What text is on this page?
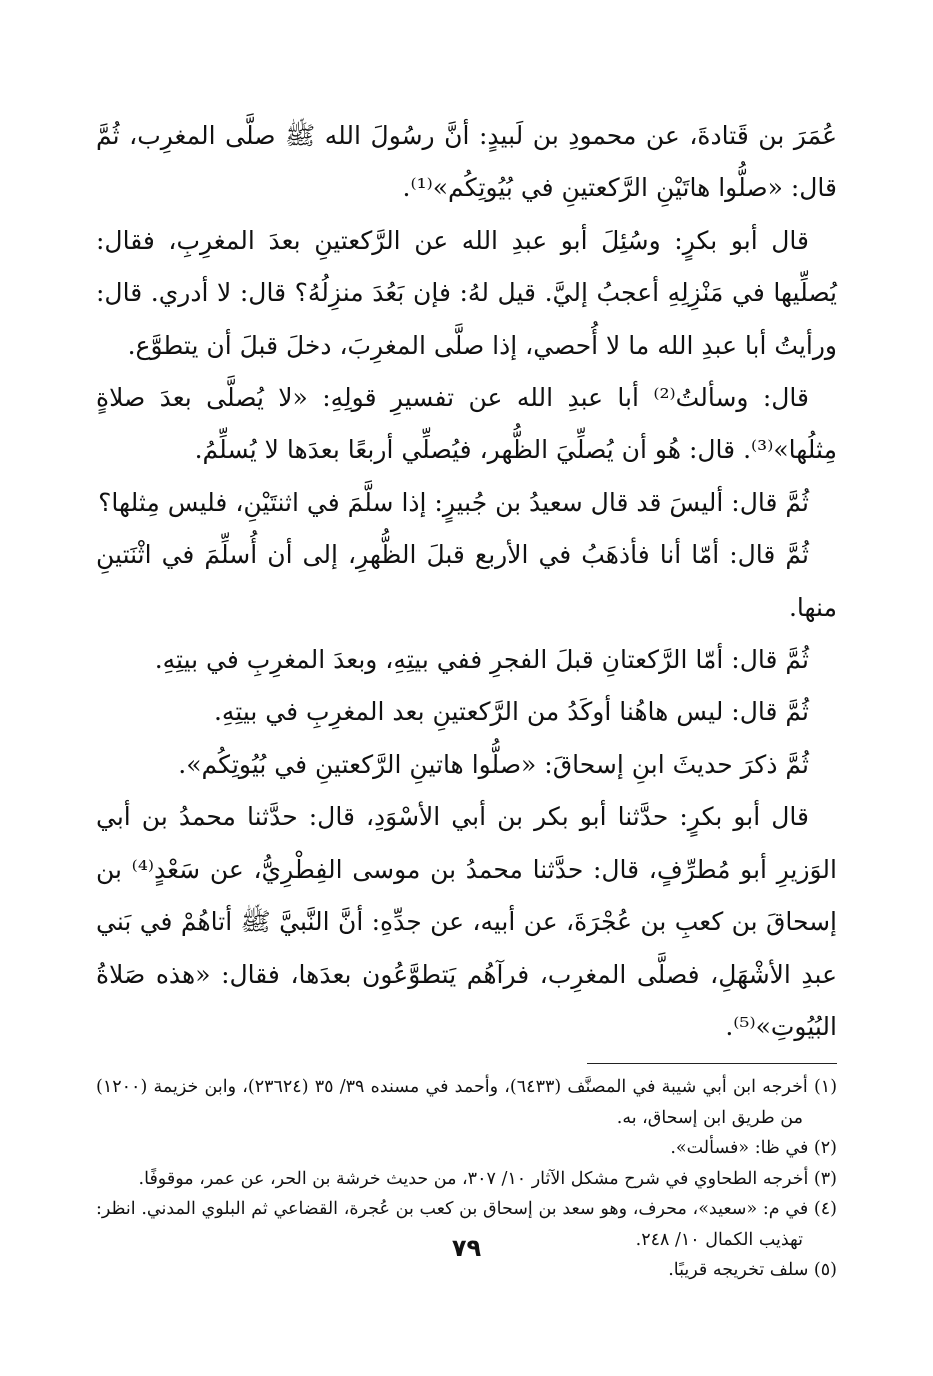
عُمَرَ بن قَتادةَ، عن محمودِ بن لَبيدٍ: أنَّ رسُولَ الله ﷺ صلَّى المغرِب، ثُمَّ قال: «صلُّوا هاتَيْنِ الرَّكعتينِ في بُيُوتِكُم»⁽¹⁾.

قال أبو بكرٍ: وسُئِلَ أبو عبدِ الله عن الرَّكعتينِ بعدَ المغرِبِ، فقال: يُصلِّيها في مَنْزِلِهِ أعجبُ إليَّ. قيل لهُ: فإن بَعُدَ منزِلُهُ؟ قال: لا أدري. قال: ورأيتُ أبا عبدِ الله ما لا أُحصي، إذا صلَّى المغرِبَ، دخلَ قبلَ أن يتطوَّع.

قال: وسألتُ⁽²⁾ أبا عبدِ الله عن تفسيرِ قولِهِ: «لا يُصلَّى بعدَ صلاةٍ مِثلُها»⁽³⁾. قال: هُو أن يُصلِّيَ الظُّهر، فيُصلِّي أربعًا بعدَها لا يُسلِّمُ.

ثُمَّ قال: أليسَ قد قال سعيدُ بن جُبيرٍ: إذا سلَّمَ في اثنتَيْنِ، فليس مِثلها؟

ثُمَّ قال: أمّا أنا فأذهَبُ في الأربع قبلَ الظُّهرِ، إلى أن أُسلِّمَ في اثْنَتينِ منها.

ثُمَّ قال: أمّا الرَّكعتانِ قبلَ الفجرِ ففي بيتِهِ، وبعدَ المغرِبِ في بيتِهِ.

ثُمَّ قال: ليس هاهُنا أوكَدُ من الرَّكعتينِ بعد المغرِبِ في بيتِهِ.

ثُمَّ ذكرَ حديثَ ابنِ إسحاقَ: «صلُّوا هاتينِ الرَّكعتينِ في بُيُوتِكُم».

قال أبو بكرٍ: حدَّثنا أبو بكر بن أبي الأسْوَدِ، قال: حدَّثنا محمدُ بن أبي الوَزيرِ أبو مُطرِّفٍ، قال: حدَّثنا محمدُ بن موسى الفِطْرِيُّ، عن سَعْدٍ⁽⁴⁾ بن إسحاقَ بن كعبِ بن عُجْرَةَ، عن أبيه، عن جدِّهِ: أنَّ النَّبيَّ ﷺ أتاهُمْ في بَني عبدِ الأشْهَلِ، فصلَّى المغرِب، فرآهُم يَتطوَّعُون بعدَها، فقال: «هذه صَلاةُ البُيُوتِ»⁽⁵⁾.

(١) أخرجه ابن أبي شيبة في المصنَّف (٦٤٣٣)، وأحمد في مسنده ٣٩/ ٣٥ (٢٣٦٢٤)، وابن خزيمة (١٢٠٠) من طريق ابن إسحاق، به.

(٢) في ظا: «فسألت».

(٣) أخرجه الطحاوي في شرح مشكل الآثار ١٠/ ٣٠٧، من حديث خرشة بن الحر، عن عمر، موقوفًا.

(٤) في م: «سعيد»، محرف، وهو سعد بن إسحاق بن كعب بن عُجرة، القضاعي ثم البلوي المدني. انظر: تهذيب الكمال ١٠/ ٢٤٨.

(٥) سلف تخريجه قريبًا.

٧٩
